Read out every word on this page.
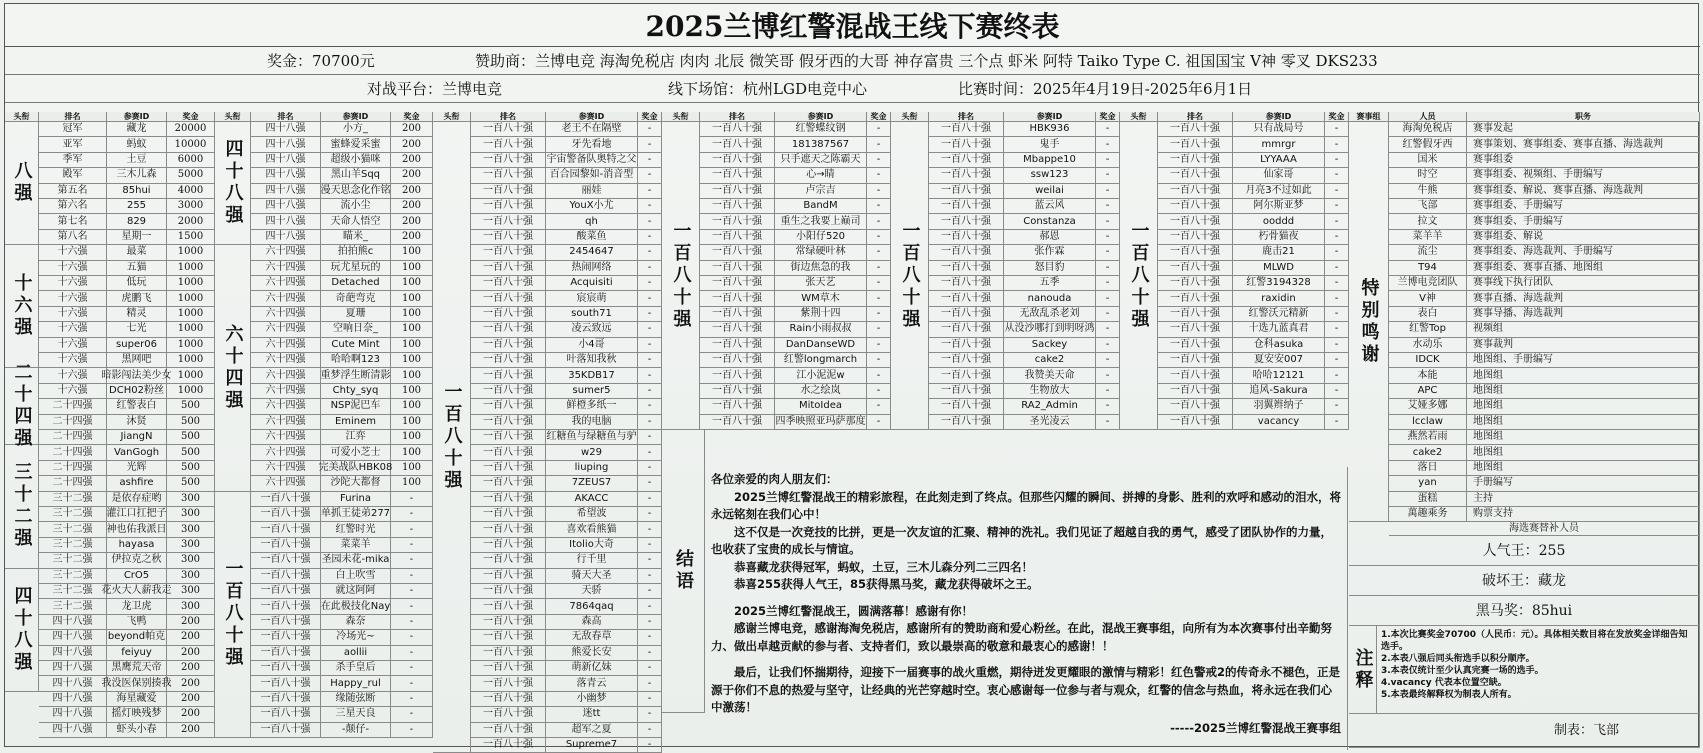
2025兰博红警混战王线下赛终表
奖金：70700元	赞助商：兰博电竞 海淘免税店 肉肉 北辰 微笑哥 假牙西的大哥 神存富贵 三个点 虾米 阿特 Taiko Type C. 祖国国宝 V神 零叉 DKS233
对战平台：兰博电竞	线下场馆：杭州LGD电竞中心	比赛时间：2025年4月19日-2025年6月1日
头衔	排名	参赛ID	奖金
八强
十六强
二十四强
三十二强
四十八强
冠军	藏龙	20000
亚军	蚂蚁	10000
季军	土豆	6000
殿军	三木儿森	5000
第五名	85hui	4000
第六名	255	3000
第七名	829	2000
第八名	星期一	1500
十六强	最菜	1000
十六强	五猫	1000
十六强	低玩	1000
十六强	虎鹏飞	1000
十六强	精灵	1000
十六强	七光	1000
十六强	super06	1000
十六强	黑网吧	1000
十六强	暗影闯法美少女 1000
十六强	DCH02粉丝	1000
二十四强	红警表白	500
二十四强	沐贤	500
二十四强	JiangN	500
二十四强	VanGogh	500
二十四强	光辉	500
二十四强	ashfire	500
三十二强	是依存症哟	300
三十二强	灌江口扛把子	300
三十二强	神也佑我派日	300
三十二强	hayasa	300
三十二强	伊拉克之秋	300
三十二强	CrO5	300
三十二强 花火大人薪我走 300
三十二强	龙卫虎	300
四十八强	飞鸭	200
四十八强	beyond帕克	200
四十八强	feiyuy	200
四十八强	黑鹰荒天帝	200
四十八强 我没医保别揍我 200
四十八强	海星藏爱	200
四十八强	摇灯映残梦	200
四十八强	虾头小春	200
头衔	排名	参赛ID	奖金
四十八强
六十四强
一百八十强
四十八强	小方_	200
四十八强	蜜蜂爱采蜜	200
四十八强	超级小猫咪	200
四十八强	黑山羊Sqq	200
四十八强	漫天思念化作铭	200
四十八强	流小尘	200
四十八强	天命人悟空	200
四十八强	瞄米_	200
六十四强	拍拍熊c	100
六十四强	玩尤星玩的	100
六十四强	Detached	100
六十四强	奇葩弯克	100
六十四强	夏珊	100
六十四强	空响日奈_	100
六十四强	Cute Mint	100
六十四强	哈哈啊123	100
六十四强	重梦浮生断清影	100
六十四强	Chty_syq	100
六十四强	NSP泥巴车	100
六十四强	Eminem	100
六十四强	江弈	100
六十四强	可爱小芝士	100
六十四强	完美战队HBK08 100
六十四强	沙陀大都督	100
一百八十强	Furina	-
一百八十强	单抓王徒弟277	-
一百八十强	红警时光	-
一百八十强	菜菜羊	-
一百八十强	圣园未花-mika	-
一百八十强	白上吹雪	-
一百八十强	就这阿阿	-
一百八十强	在此极技化Nay	-
一百八十强	森奈	-
一百八十强	冷场光~	-
一百八十强	aollii	-
一百八十强	杀手皇后	-
一百八十强	Happy_rul	-
一百八十强	缘随弦断	-
一百八十强	三星天良	-
一百八十强	-颠仔-	-
头衔	排名	参赛ID	奖金
一百八十强
一百八十强	老王不在隔壁	-
一百八十强	牙先看地	-
一百八十强	宇宙警备队奥特之父	-
一百八十强	百合园黎如-消音型	-
一百八十强	丽娃	-
一百八十强	YouX小尤	-
一百八十强	qh	-
一百八十强	酸菜鱼	-
一百八十强	2454647	-
一百八十强	热闹网络	-
一百八十强	Acquisiti	-
一百八十强	宸宸萌	-
一百八十强	south71	-
一百八十强	凌云致远	-
一百八十强	小4哥	-
一百八十强	叶落知我秋	-
一百八十强	35KDB17	-
一百八十强	sumer5	-
一百八十强	鲜橙多纸一	-
一百八十强	我的电脑	-
一百八十强	红糖鱼与绿糖鱼与驴	-
一百八十强	w29	-
一百八十强	liuping	-
一百八十强	7ZEUS7	-
一百八十强	AKACC	-
一百八十强	希望波	-
一百八十强	喜欢看熊猫	-
一百八十强	Itolio大奇	-
一百八十强	行千里	-
一百八十强	骑天大圣	-
一百八十强	天骄	-
一百八十强	7864qaq	-
一百八十强	森高	-
一百八十强	无敌春草	-
一百八十强	熊爱长安	-
一百八十强	萌新亿妹	-
一百八十强	落青云	-
一百八十强	小幽梦	-
一百八十强	迷tt	-
一百八十强	超军之夏	-
一百八十强	Supreme7	-
头衔	排名	参赛ID	奖金
一百八十强
一百八十强	红警蝶纹钢	-
一百八十强	181387567	-
一百八十强	只手遮天之陈霸天	-
一百八十强	心→睛	-
一百八十强	卢宗吉	-
一百八十强	BandM	-
一百八十强	重生之我要上巅司	-
一百八十强	小阳仔520	-
一百八十强	常绿硬叶林	-
一百八十强	街边焦急的我	-
一百八十强	张天艺	-
一百八十强	WM草木	-
一百八十强	紫荆十四	-
一百八十强	Rain小雨叔叔	-
一百八十强	DanDanseWD	-
一百八十强	红警longmarch	-
一百八十强	江小泥泥w	-
一百八十强	水之绘岚	-
一百八十强	MitoIdea	-
一百八十强	四季映照亚玛萨那度	-
头衔	排名	参赛ID	奖金
一百八十强
一百八十强	HBK936	-
一百八十强	鬼手	-
一百八十强	Mbappe10	-
一百八十强	ssw123	-
一百八十强	weilai	-
一百八十强	蓝云风	-
一百八十强	Constanza	-
一百八十强	郝恩	-
一百八十强	张作霖	-
一百八十强	怒目豹	-
一百八十强	五季	-
一百八十强	nanouda	-
一百八十强	无敌乱杀老刘	-
一百八十强	从没沙哪打到明呀鸿	-
一百八十强	Sackey	-
一百八十强	cake2	-
一百八十强	我赞美天命	-
一百八十强	生物放大	-
一百八十强	RA2_Admin	-
一百八十强	圣光凌云	-
头衔	排名	参赛ID	奖金
一百八十强
一百八十强	只有战局号	-
一百八十强	mmrgr	-
一百八十强	LYYAAA	-
一百八十强	仙家哥	-
一百八十强	月亮3不过如此	-
一百八十强	阿尔斯亚梦	-
一百八十强	ooddd	-
一百八十强	朽骨猫夜	-
一百八十强	鹿击21	-
一百八十强	MLWD	-
一百八十强	红警3194328	-
一百八十强	raxidin	-
一百八十强	红警沃元精新	-
一百八十强	十选九蓝真君	-
一百八十强	仓科asuka	-
一百八十强	夏安安007	-
一百八十强	哈哈12121	-
一百八十强	追风-Sakura	-
一百八十强	羽翼辫纳子	-
一百八十强	vacancy	-
结语
赛事组	人员	职务
特别鸣谢
海淘免税店	赛事发起
红警假牙西	赛事策划、赛事组委、赛事直播、海选裁判
国米	赛事组委
时空	赛事组委、视频组、手册编写
牛熊	赛事组委、解说、赛事直播、海选裁判
飞部	赛事组委、手册编写
拉文	赛事组委、手册编写
菜羊羊	赛事组委、解说
流尘	赛事组委、海选裁判、手册编写
T94	赛事组委、赛事直播、地图组
兰博电竞团队	赛事线下执行团队
V神	赛事直播、海选裁判
表白	赛事导播、海选裁判
红警Top	视频组
水动乐	赛事裁判
IDCK	地图组、手册编写
本能	地图组
APC	地图组
艾娅多娜	地图组
lcclaw	地图组
燕然若雨	地图组
cake2	地图组
落日	地图组
yan	手册编写
蛋糕	主持
萬趣乘务	购票支持
海选赛替补人员
人气王：255
破坏王：藏龙
黑马奖：85hui
注释
1.本次比赛奖金70700（人民币：元）。具体相关数目将在发放奖金详细告知选手。
2.本表八强后同头衔选手以积分顺序。
3.本表仅统计至少认真完赛一场的选手。
4.vacancy 代表本位置空缺。
5.本表最终解释权为制表人所有。
制表：飞部

各位亲爱的肉人朋友们：

2025兰博红警混战王的精彩旅程，在此刻走到了终点。但那些闪耀的瞬间、拼搏的身影、胜利的欢呼和感动的泪水，将永远铭刻在我们心中！

这不仅是一次竞技的比拼，更是一次友谊的汇聚、精神的洗礼。我们见证了超越自我的勇气，感受了团队协作的力量，也收获了宝贵的成长与情谊。

恭喜藏龙获得冠军，蚂蚁，土豆，三木儿森分列二三四名！

恭喜255获得人气王，85获得黑马奖，藏龙获得破坏之王。

2025兰博红警混战王，圆满落幕！感谢有你！

感谢兰博电竞，感谢海淘免税店，感谢所有的赞助商和爱心粉丝。在此，混战王赛事组，向所有为本次赛事付出辛勤努力、做出卓越贡献的参与者、支持者们，致以最崇高的敬意和最衷心的感谢！！

最后，让我们怀揣期待，迎接下一届赛事的战火重燃，期待迸发更耀眼的激情与精彩！红色警戒2的传奇永不褪色，正是源于你们不息的热爱与坚守，让经典的光芒穿越时空。衷心感谢每一位参与者与观众，红警的信念与热血，将永远在我们心中激荡！

-----2025兰博红警混战王赛事组
